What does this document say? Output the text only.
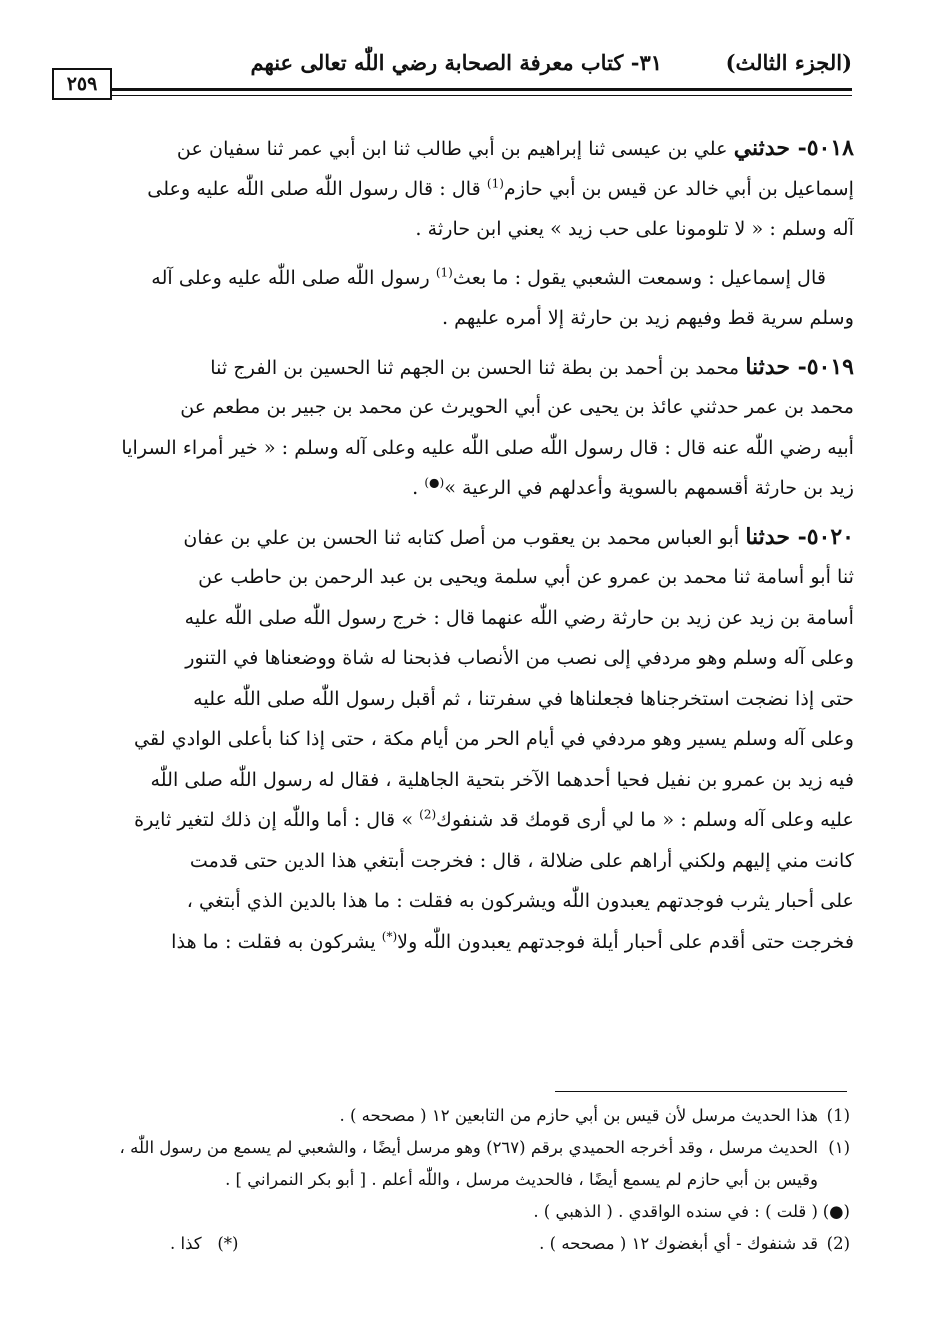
(الجزء الثالث)
٣١- كتاب معرفة الصحابة رضي اللّٰه تعالى عنهم
٢٥٩
٥٠١٨- حدثني علي بن عيسى ثنا إبراهيم بن أبي طالب ثنا ابن أبي عمر ثنا سفيان عن
إسماعيل بن أبي خالد عن قيس بن أبي حازم$^{(1)}$ قال : قال رسول اللّٰه صلى اللّٰه عليه وعلى
آله وسلم : « لا تلومونا على حب زيد » يعني ابن حارثة .
قال إسماعيل : وسمعت الشعبي يقول : ما بعث$^{(1)}$ رسول اللّٰه صلى اللّٰه عليه وعلى آله
وسلم سرية قط وفيهم زيد بن حارثة إلا أمره عليهم .
٥٠١٩- حدثنا محمد بن أحمد بن بطة ثنا الحسن بن الجهم ثنا الحسين بن الفرج ثنا
محمد بن عمر حدثني عائذ بن يحيى عن أبي الحويرث عن محمد بن جبير بن مطعم عن
أبيه رضي اللّٰه عنه قال : قال رسول اللّٰه صلى اللّٰه عليه وعلى آله وسلم : « خير أمراء السرايا
زيد بن حارثة أقسمهم بالسوية وأعدلهم في الرعية »(●) .
٥٠٢٠- حدثنا أبو العباس محمد بن يعقوب من أصل كتابه ثنا الحسن بن علي بن عفان
ثنا أبو أسامة ثنا محمد بن عمرو عن أبي سلمة ويحيى بن عبد الرحمن بن حاطب عن
أسامة بن زيد عن زيد بن حارثة رضي اللّٰه عنهما قال : خرج رسول اللّٰه صلى اللّٰه عليه
وعلى آله وسلم وهو مردفي إلى نصب من الأنصاب فذبحنا له شاة ووضعناها في التنور
حتى إذا نضجت استخرجناها فجعلناها في سفرتنا ، ثم أقبل رسول اللّٰه صلى اللّٰه عليه
وعلى آله وسلم يسير وهو مردفي في أيام الحر من أيام مكة ، حتى إذا كنا بأعلى الوادي لقي
فيه زيد بن عمرو بن نفيل فحيا أحدهما الآخر بتحية الجاهلية ، فقال له رسول اللّٰه صلى اللّٰه
عليه وعلى آله وسلم : « ما لي أرى قومك قد شنفوك$^{(2)}$ » قال : أما واللّٰه إن ذلك لتغير ثايرة
كانت مني إليهم ولكني أراهم على ضلالة ، قال : فخرجت أبتغي هذا الدين حتى قدمت
على أحبار يثرب فوجدتهم يعبدون اللّٰه ويشركون به فقلت : ما هذا بالدين الذي أبتغي ،
فخرجت حتى أقدم على أحبار أيلة فوجدتهم يعبدون اللّٰه ولا(*) يشركون به فقلت : ما هذا
(1)هذا الحديث مرسل لأن قيس بن أبي حازم من التابعين ١٢ ( مصححه ) .
(١)الحديث مرسل ، وقد أخرجه الحميدي برقم (٢٦٧) وهو مرسل أيضًا ، والشعبي لم يسمع من رسول اللّٰه ،
وقيس بن أبي حازم لم يسمع أيضًا ، فالحديث مرسل ، واللّٰه أعلم . [ أبو بكر النمراني ] .
(●)( قلت ) : في سنده الواقدي . ( الذهبي ) .
(2)قد شنفوك - أي أبغضوك ١٢ ( مصححه ) .
(*)   كذا .
